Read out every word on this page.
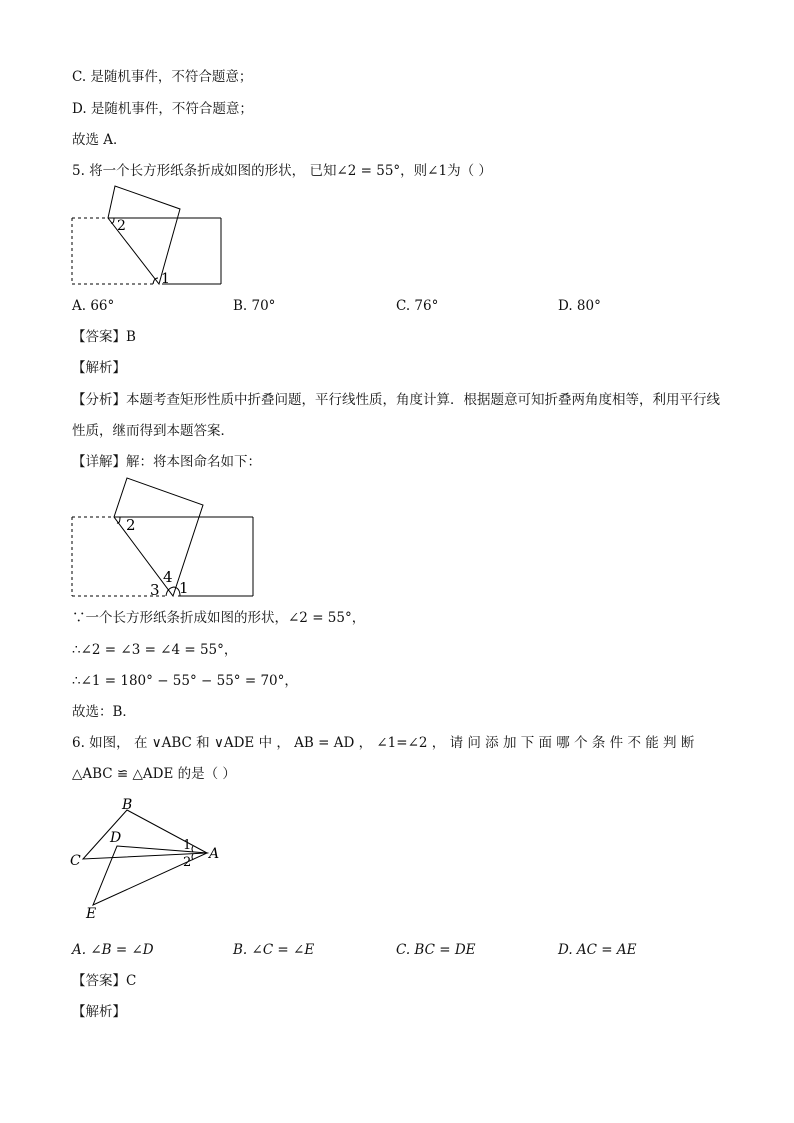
C. 是随机事件，不符合题意；
D. 是随机事件，不符合题意；
故选 A．
5. 将一个长方形纸条折成如图的形状， 已知∠2 = 55°，则∠1为（ ）
2
1
A. 66°	B. 70°	C. 76°	D. 80°
【答案】B
【解析】
【分析】本题考查矩形性质中折叠问题，平行线性质，角度计算．根据题意可知折叠两角度相等，利用平行线性质，继而得到本题答案．
【详解】解：将本图命名如下：
2
4
3 1
∵一个长方形纸条折成如图的形状，∠2 = 55°，
∴∠2 = ∠3 = ∠4 = 55°，
∴∠1 = 180° − 55° − 55° = 70°，
故选：B．
6. 如图， 在 ∨ABC 和 ∨ADE 中 ， AB = AD ， ∠1=∠2 ， 请 问 添 加 下 面 哪 个 条 件 不 能 判 断
△ABC ≌ △ADE 的是（ ）
B
D
C	A
E
1
2
A. ∠B = ∠D	B. ∠C = ∠E	C. BC = DE	D. AC = AE
【答案】C
【解析】
